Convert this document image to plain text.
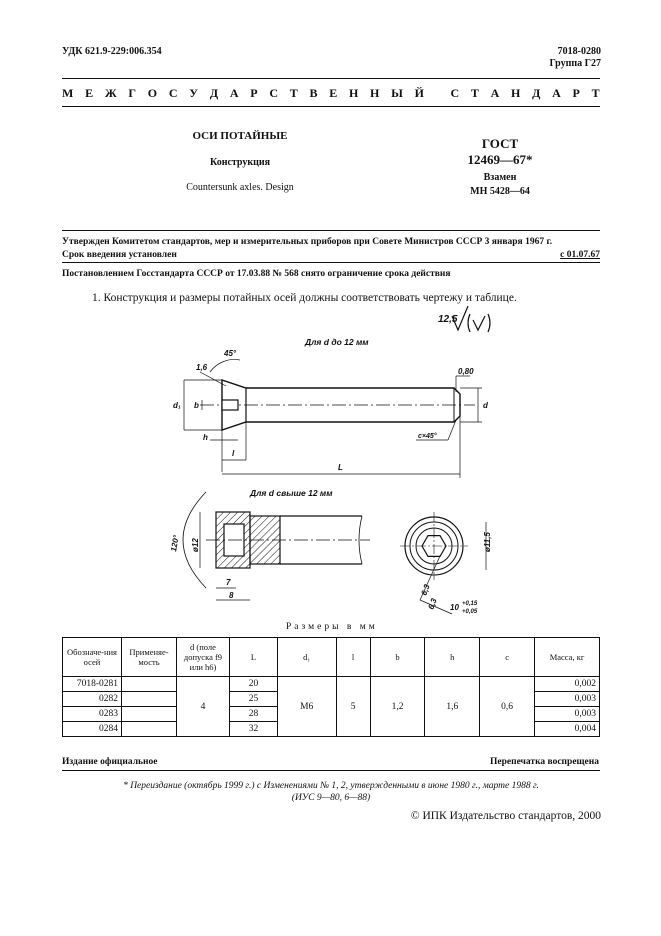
УДК 621.9-229:006.354	7018-0280
Группа Г27
М Е Ж Г О С У Д А Р С Т В Е Н Н Ы Й
С Т А Н Д А Р Т
ОСИ ПОТАЙНЫЕ
Конструкция
Countersunk axles. Design
ГОСТ
12469—67*
Взамен
МН 5428—64
Утвержден Комитетом стандартов, мер и измерительных приборов при Совете Министров СССР 3 января 1967 г.
Срок введения установлен	с 01.07.67
Постановлением Госстандарта СССР от 17.03.88 № 568 снято ограничение срока действия
1. Конструкция и размеры потайных осей должны соответствовать чертежу и таблице.
12,5
Для d до 12 мм
45°
1,6	0,80
d₁ b
h
l
L
d
c×45°
Для d свыше 12 мм
120° ø12
7
8
ø11,5
6,3
6,3 10 +0,15
+0,05
Размеры в мм
Обозначе-ния осей	Применяе-мость	d (поле допуска f9 или h6)	L	d₁	l	b	h	c	Масса, кг
7018-0281		4	20	М6	5	1,2	1,6	0,6	0,002
0282			25						0,003
0283			28						0,003
0284			32						0,004
Издание официальное	Перепечатка воспрещена
* Переиздание (октябрь 1999 г.) с Изменениями № 1, 2, утвержденными в июне 1980 г., марте 1988 г.
(ИУС 9—80, 6—88)
© ИПК Издательство стандартов, 2000
